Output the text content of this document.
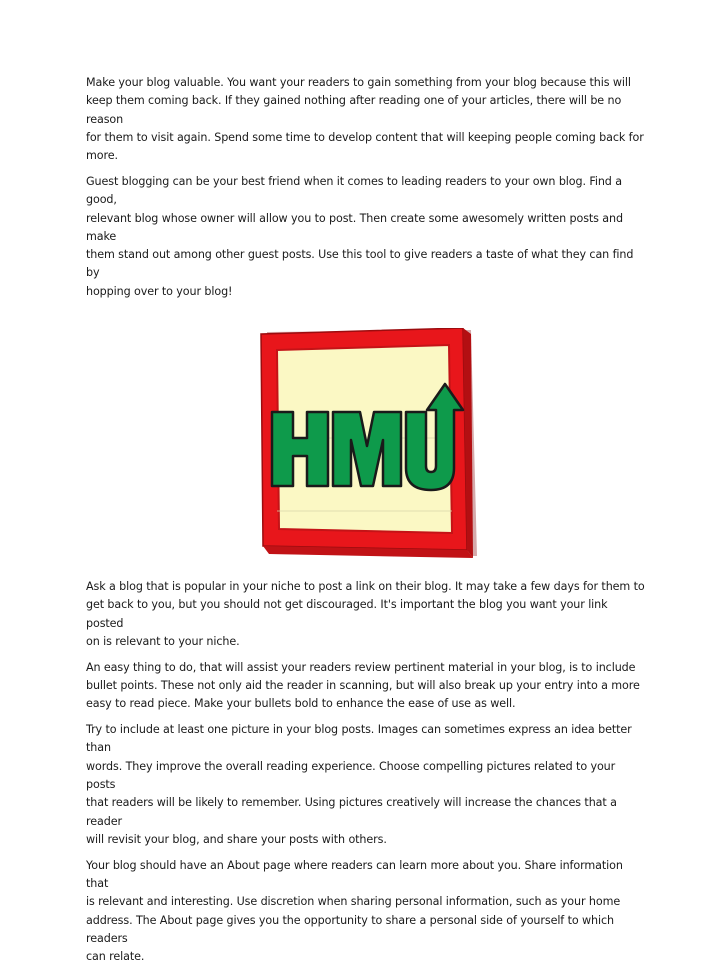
Make your blog valuable. You want your readers to gain something from your blog because this will
keep them coming back. If they gained nothing after reading one of your articles, there will be no reason
for them to visit again. Spend some time to develop content that will keeping people coming back for
more.

Guest blogging can be your best friend when it comes to leading readers to your own blog. Find a good,
relevant blog whose owner will allow you to post. Then create some awesomely written posts and make
them stand out among other guest posts. Use this tool to give readers a taste of what they can find by
hopping over to your blog!

HMU

Ask a blog that is popular in your niche to post a link on their blog. It may take a few days for them to
get back to you, but you should not get discouraged. It's important the blog you want your link posted
on is relevant to your niche.

An easy thing to do, that will assist your readers review pertinent material in your blog, is to include
bullet points. These not only aid the reader in scanning, but will also break up your entry into a more
easy to read piece. Make your bullets bold to enhance the ease of use as well.

Try to include at least one picture in your blog posts. Images can sometimes express an idea better than
words. They improve the overall reading experience. Choose compelling pictures related to your posts
that readers will be likely to remember. Using pictures creatively will increase the chances that a reader
will revisit your blog, and share your posts with others.

Your blog should have an About page where readers can learn more about you. Share information that
is relevant and interesting. Use discretion when sharing personal information, such as your home
address. The About page gives you the opportunity to share a personal side of yourself to which readers
can relate.
